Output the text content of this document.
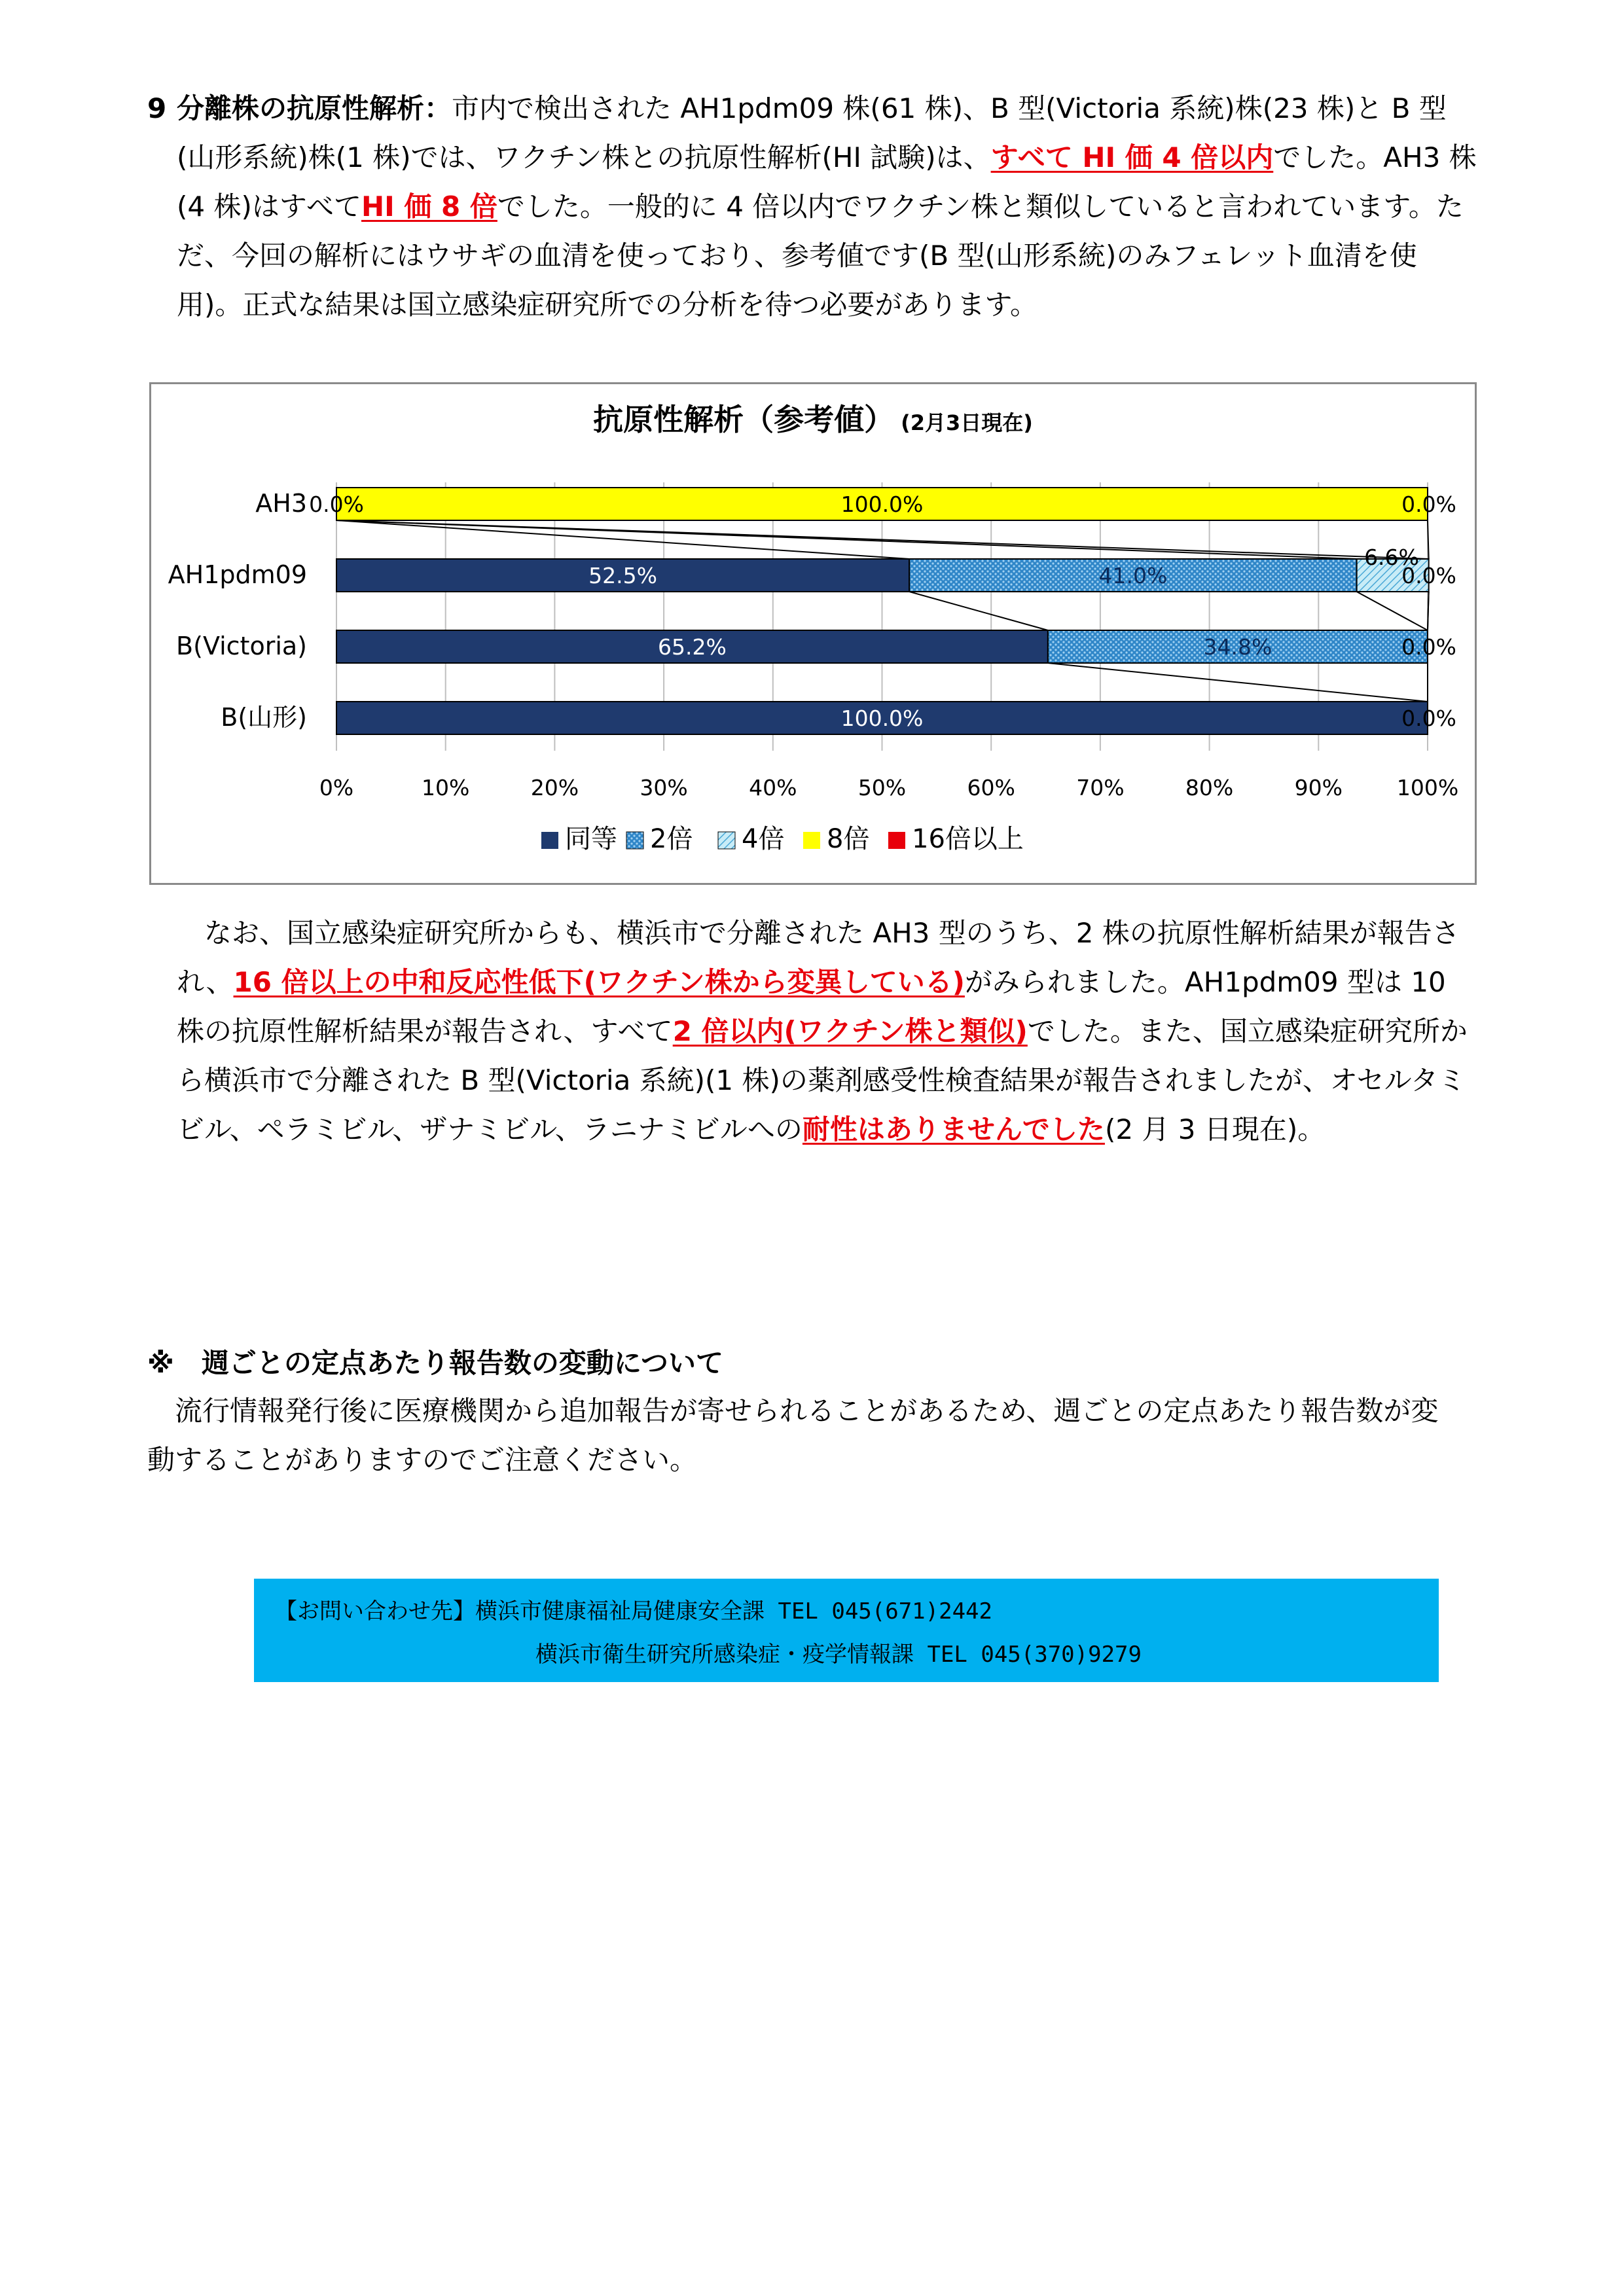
9 分離株の抗原性解析：市内で検出された AH1pdm09 株(61 株)、B 型(Victoria 系統)株(23 株)と B 型(山形系統)株(1 株)では、ワクチン株との抗原性解析(HI 試験)は、すべて HI 価 4 倍以内でした。AH3 株(4 株)はすべてHI 価 8 倍でした。一般的に 4 倍以内でワクチン株と類似していると言われています。ただ、今回の解析にはウサギの血清を使っており、参考値です(B 型(山形系統)のみフェレット血清を使用)。正式な結果は国立感染症研究所での分析を待つ必要があります。
抗原性解析（参考値） (2月3日現在)
AH3
AH1pdm09
B(Victoria)
B(山形)
0.0%	100.0%	0.0%
52.5%	41.0%
6.6%
0.0%
65.2%	34.8%	0.0%
100.0%	0.0%
0%	10%	20%	30%	40%	50%	60%	70%	80%	90%	100%
同等 2倍 4倍 8倍 16倍以上
なお、国立感染症研究所からも、横浜市で分離された AH3 型のうち、2 株の抗原性解析結果が報告され、16 倍以上の中和反応性低下(ワクチン株から変異している)がみられました。AH1pdm09 型は 10 株の抗原性解析結果が報告され、すべて2 倍以内(ワクチン株と類似)でした。また、国立感染症研究所から横浜市で分離された B 型(Victoria 系統)(1 株)の薬剤感受性検査結果が報告されましたが、オセルタミビル、ペラミビル、ザナミビル、ラニナミビルへの耐性はありませんでした(2 月 3 日現在)。
※　週ごとの定点あたり報告数の変動について
流行情報発行後に医療機関から追加報告が寄せられることがあるため、週ごとの定点あたり報告数が変動することがありますのでご注意ください。
【お問い合わせ先】横浜市健康福祉局健康安全課 TEL 045(671)2442
横浜市衛生研究所感染症・疫学情報課 TEL 045(370)9279
